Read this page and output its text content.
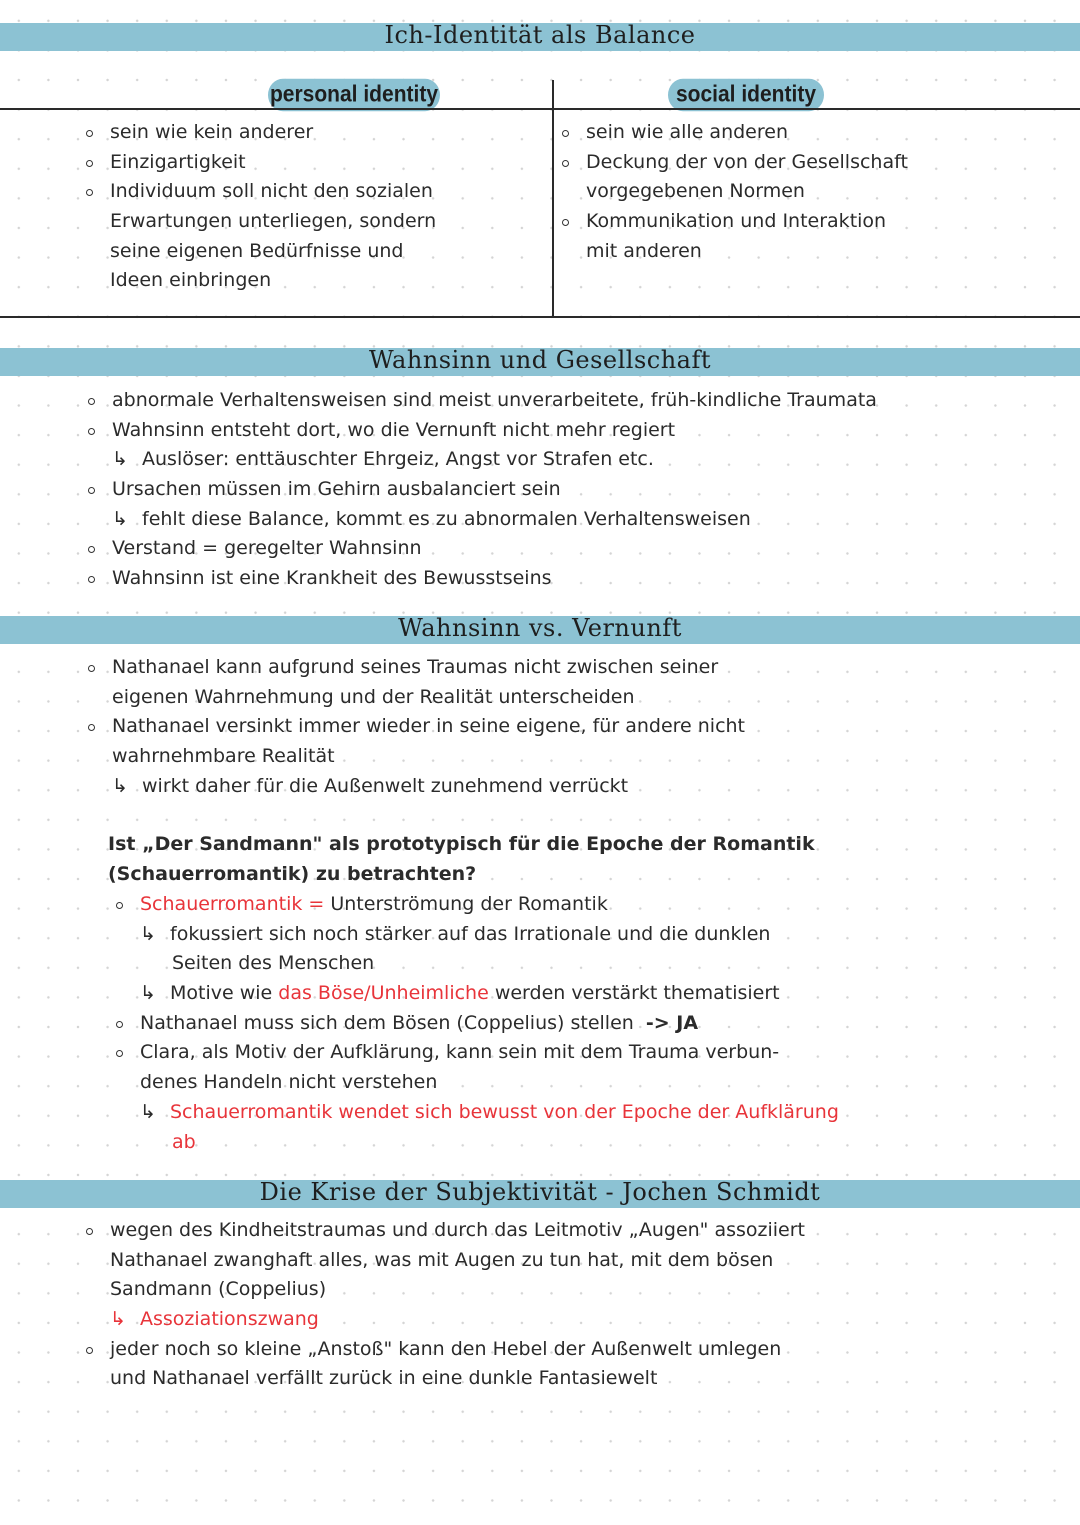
Ich-Identität als Balance
personal identity	social identity
sein wie kein anderer
Einzigartigkeit
Individuum soll nicht den sozialen
Erwartungen unterliegen, sondern
seine eigenen Bedürfnisse und
Ideen einbringen
sein wie alle anderen
Deckung der von der Gesellschaft
vorgegebenen Normen
Kommunikation und Interaktion
mit anderen
Wahnsinn und Gesellschaft
abnormale Verhaltensweisen sind meist unverarbeitete, früh-kindliche Traumata
Wahnsinn entsteht dort, wo die Vernunft nicht mehr regiert
↳ Auslöser: enttäuschter Ehrgeiz, Angst vor Strafen etc.
Ursachen müssen im Gehirn ausbalanciert sein
↳ fehlt diese Balance, kommt es zu abnormalen Verhaltensweisen
Verstand = geregelter Wahnsinn
Wahnsinn ist eine Krankheit des Bewusstseins
Wahnsinn vs. Vernunft
Nathanael kann aufgrund seines Traumas nicht zwischen seiner
eigenen Wahrnehmung und der Realität unterscheiden
Nathanael versinkt immer wieder in seine eigene, für andere nicht
wahrnehmbare Realität
↳ wirkt daher für die Außenwelt zunehmend verrückt
Ist „Der Sandmann" als prototypisch für die Epoche der Romantik
(Schauerromantik) zu betrachten?
Schauerromantik = Unterströmung der Romantik
↳ fokussiert sich noch stärker auf das Irrationale und die dunklen
Seiten des Menschen
↳ Motive wie das Böse/Unheimliche werden verstärkt thematisiert
Nathanael muss sich dem Bösen (Coppelius) stellen -> JA
Clara, als Motiv der Aufklärung, kann sein mit dem Trauma verbun-
denes Handeln nicht verstehen
↳ Schauerromantik wendet sich bewusst von der Epoche der Aufklärung
ab
Die Krise der Subjektivität - Jochen Schmidt
wegen des Kindheitstraumas und durch das Leitmotiv „Augen" assoziiert
Nathanael zwanghaft alles, was mit Augen zu tun hat, mit dem bösen
Sandmann (Coppelius)
↳ Assoziationszwang
jeder noch so kleine „Anstoß" kann den Hebel der Außenwelt umlegen
und Nathanael verfällt zurück in eine dunkle Fantasiewelt
